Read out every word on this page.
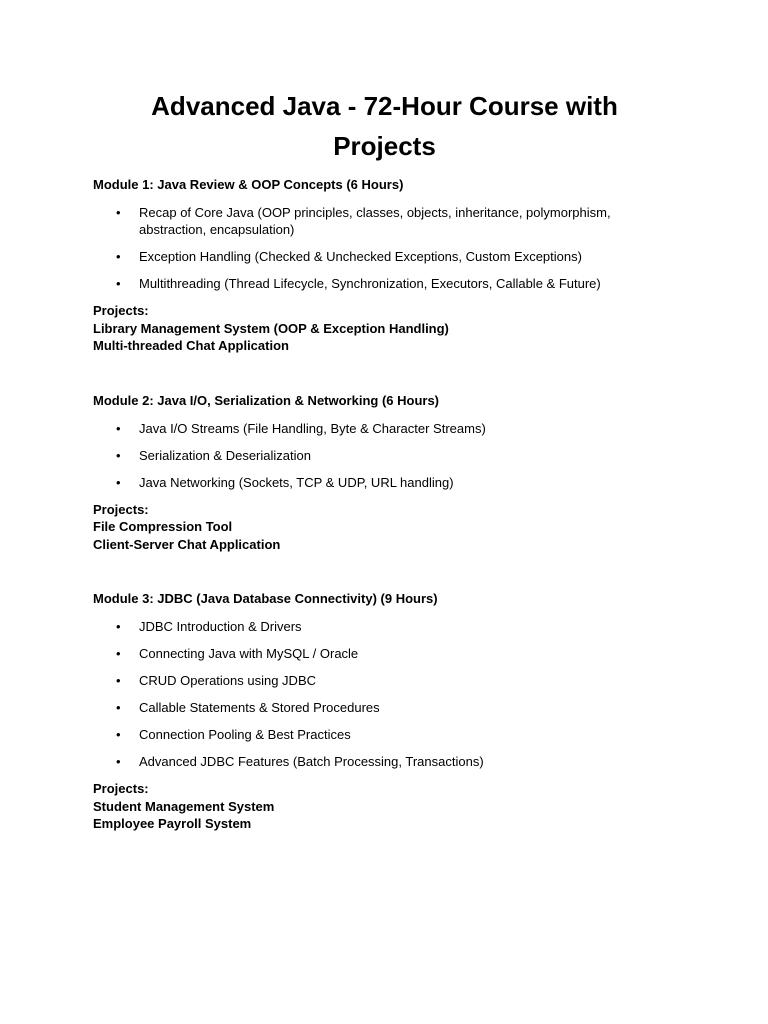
Advanced Java - 72-Hour Course with Projects
Module 1: Java Review & OOP Concepts (6 Hours)
• Recap of Core Java (OOP principles, classes, objects, inheritance, polymorphism, abstraction, encapsulation)
• Exception Handling (Checked & Unchecked Exceptions, Custom Exceptions)
• Multithreading (Thread Lifecycle, Synchronization, Executors, Callable & Future)
Projects:
Library Management System (OOP & Exception Handling)
Multi-threaded Chat Application
Module 2: Java I/O, Serialization & Networking (6 Hours)
• Java I/O Streams (File Handling, Byte & Character Streams)
• Serialization & Deserialization
• Java Networking (Sockets, TCP & UDP, URL handling)
Projects:
File Compression Tool
Client-Server Chat Application
Module 3: JDBC (Java Database Connectivity) (9 Hours)
• JDBC Introduction & Drivers
• Connecting Java with MySQL / Oracle
• CRUD Operations using JDBC
• Callable Statements & Stored Procedures
• Connection Pooling & Best Practices
• Advanced JDBC Features (Batch Processing, Transactions)
Projects:
Student Management System
Employee Payroll System
